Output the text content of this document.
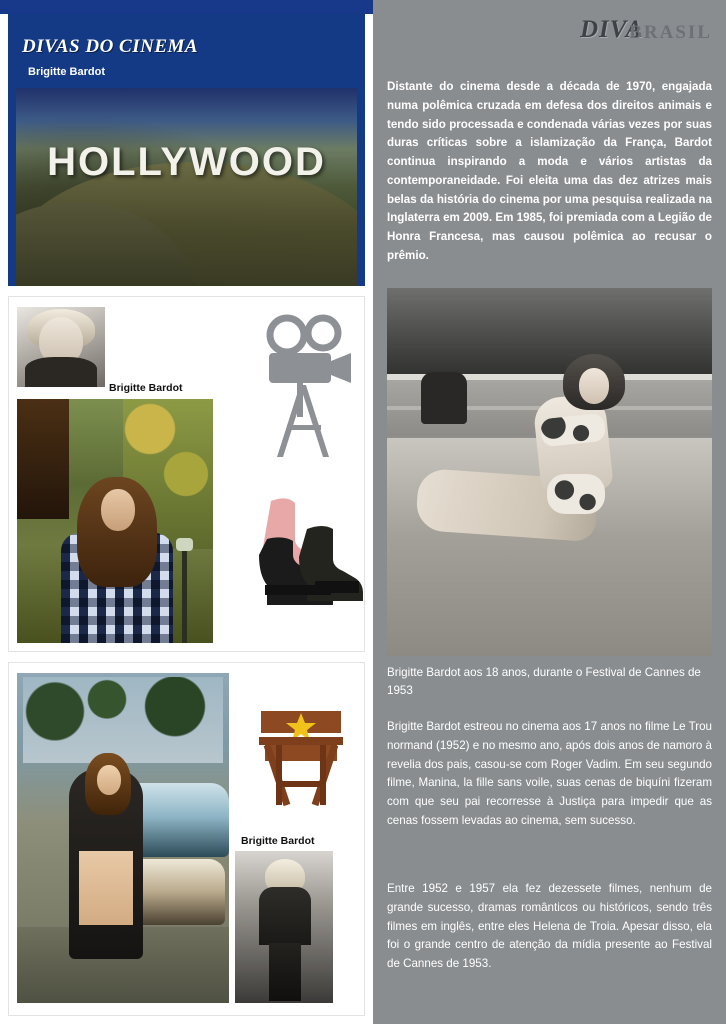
HOLLYWOOD
DIVAS DO CINEMA
Brigitte Bardot
Brigitte Bardot
Brigitte Bardot
DIVA
BRASIL
Distante do cinema desde a década de 1970, engajada numa polêmica cruzada em defesa dos direitos animais e tendo sido processada e condenada várias vezes por suas duras críticas sobre a islamização da França, Bardot continua inspirando a moda e vários artistas da contemporaneidade. Foi eleita uma das dez atrizes mais belas da história do cinema por uma pesquisa realizada na Inglaterra em 2009. Em 1985, foi premiada com a Legião de Honra Francesa, mas causou polêmica ao recusar o prêmio.
Brigitte Bardot aos 18 anos, durante o Festival de Cannes de 1953
Brigitte Bardot estreou no cinema aos 17 anos no filme Le Trou normand (1952) e no mesmo ano, após dois anos de namoro à revelia dos pais, casou-se com Roger Vadim. Em seu segundo filme, Manina, la fille sans voile, suas cenas de biquíni fizeram com que seu pai recorresse à Justiça para impedir que as cenas fossem levadas ao cinema, sem sucesso.
Entre 1952 e 1957 ela fez dezessete filmes, nenhum de grande sucesso, dramas românticos ou históricos, sendo três filmes em inglês, entre eles Helena de Troia. Apesar disso, ela foi o grande centro de atenção da mídia presente ao Festival de Cannes de 1953.
